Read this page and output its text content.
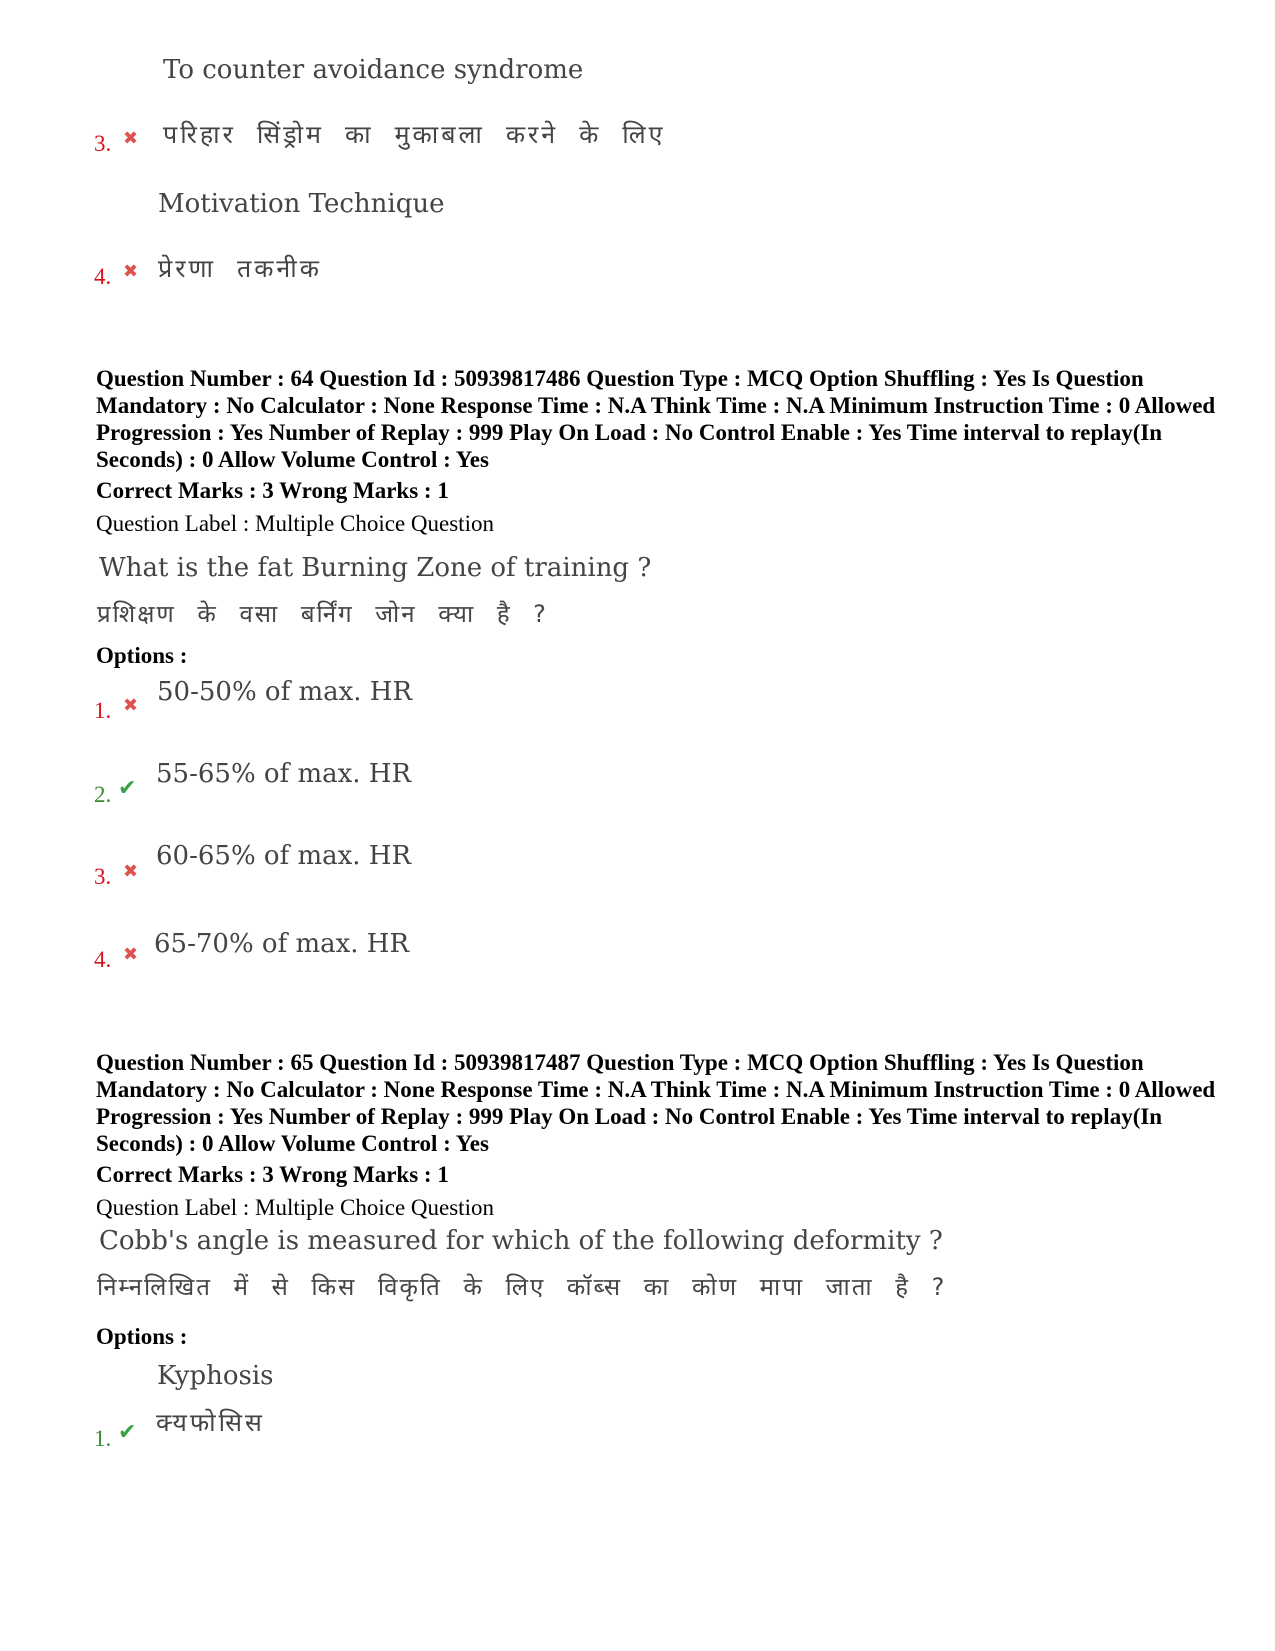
To counter avoidance syndrome
3. ✖ परिहार सिंड्रोम का मुकाबला करने के लिए
Motivation Technique
4. ✖ प्रेरणा तकनीक
Question Number : 64 Question Id : 50939817486 Question Type : MCQ Option Shuffling : Yes Is Question Mandatory : No Calculator : None Response Time : N.A Think Time : N.A Minimum Instruction Time : 0 Allowed Progression : Yes Number of Replay : 999 Play On Load : No Control Enable : Yes Time interval to replay(In Seconds) : 0 Allow Volume Control : Yes
Correct Marks : 3 Wrong Marks : 1
Question Label : Multiple Choice Question
What is the fat Burning Zone of training ?
प्रशिक्षण के वसा बर्निंग जोन क्या है ?
Options :
1. ✖ 50-50% of max. HR
2. ✔ 55-65% of max. HR
3. ✖
60-65% of max. HR
4. ✖ 65-70% of max. HR
Question Number : 65 Question Id : 50939817487 Question Type : MCQ Option Shuffling : Yes Is Question Mandatory : No Calculator : None Response Time : N.A Think Time : N.A Minimum Instruction Time : 0 Allowed Progression : Yes Number of Replay : 999 Play On Load : No Control Enable : Yes Time interval to replay(In Seconds) : 0 Allow Volume Control : Yes
Correct Marks : 3 Wrong Marks : 1
Question Label : Multiple Choice Question
Cobb's angle is measured for which of the following deformity ?
निम्नलिखित में से किस विकृति के लिए कॉब्स का कोण मापा जाता है ?
Options :
Kyphosis
1. ✔ क्यफोसिस
